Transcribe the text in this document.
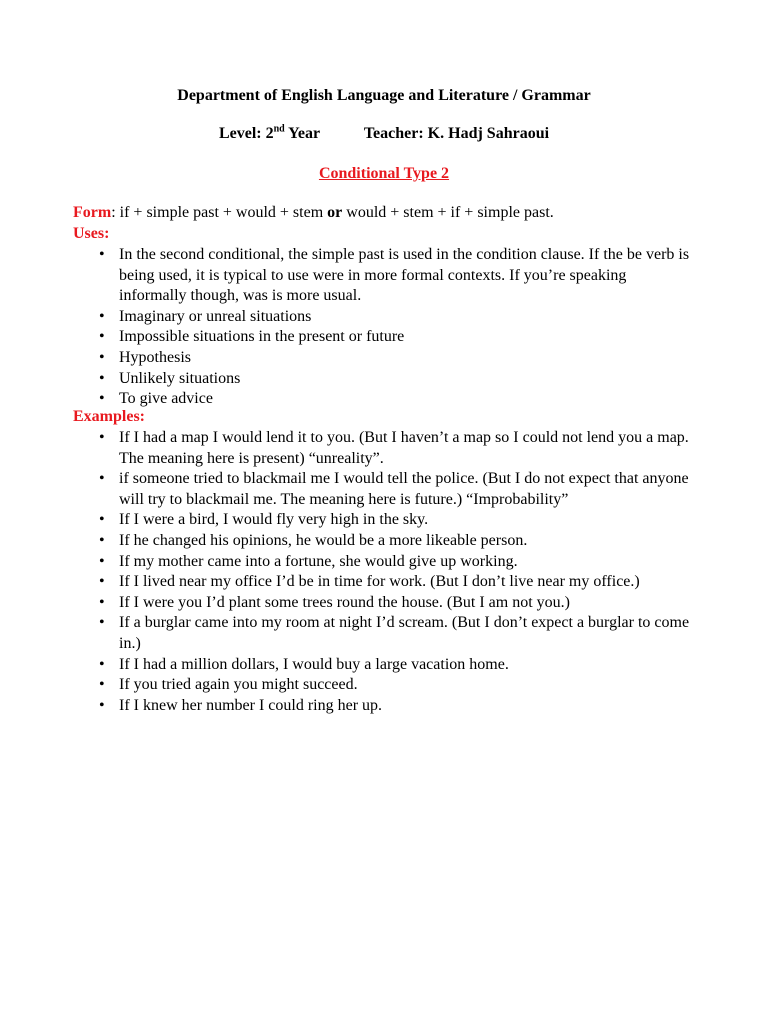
Department of English Language and Literature / Grammar
Level: 2nd Year	Teacher: K. Hadj Sahraoui
Conditional Type 2
Form: if + simple past + would + stem or would + stem + if + simple past.
Uses:
• In the second conditional, the simple past is used in the condition clause. If the be verb is being used, it is typical to use were in more formal contexts. If you’re speaking informally though, was is more usual.
• Imaginary or unreal situations
• Impossible situations in the present or future
• Hypothesis
• Unlikely situations
• To give advice
Examples:
• If I had a map I would lend it to you. (But I haven’t a map so I could not lend you a map. The meaning here is present) “unreality”.
• if someone tried to blackmail me I would tell the police. (But I do not expect that anyone will try to blackmail me. The meaning here is future.) “Improbability”
• If I were a bird, I would fly very high in the sky.
• If he changed his opinions, he would be a more likeable person.
• If my mother came into a fortune, she would give up working.
• If I lived near my office I’d be in time for work. (But I don’t live near my office.)
• If I were you I’d plant some trees round the house. (But I am not you.)
• If a burglar came into my room at night I’d scream. (But I don’t expect a burglar to come in.)
• If I had a million dollars, I would buy a large vacation home.
• If you tried again you might succeed.
• If I knew her number I could ring her up.
